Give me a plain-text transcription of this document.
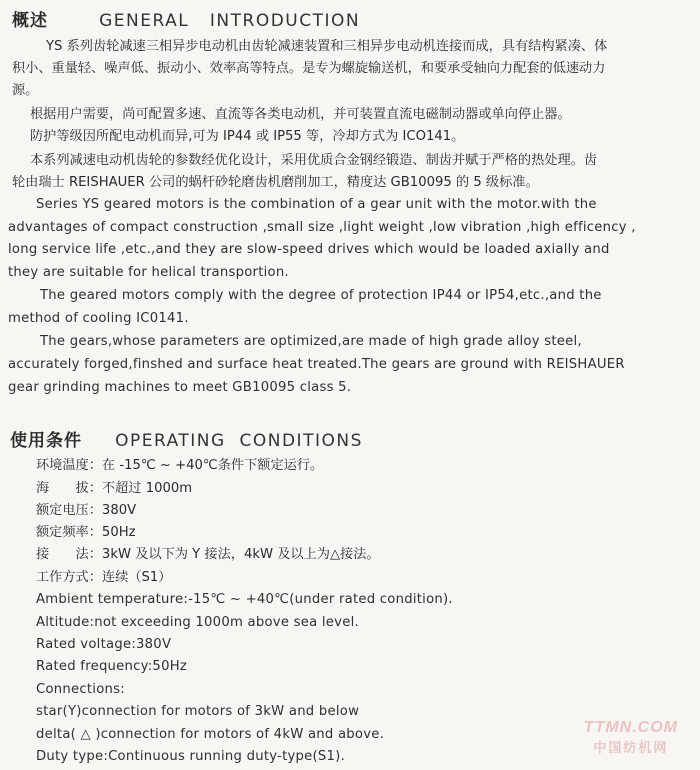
概述	GENERAL   INTRODUCTION
YS 系列齿轮减速三相异步电动机由齿轮减速装置和三相异步电动机连接而成，具有结构紧凑、体
积小、重量轻、噪声低、振动小、效率高等特点。是专为螺旋输送机，和要承受轴向力配套的低速动力
源。
根据用户需要，尚可配置多速、直流等各类电动机，并可装置直流电磁制动器或单向停止器。
防护等级因所配电动机而异,可为 IP44 或 IP55 等，冷却方式为 ICO141。
本系列减速电动机齿轮的参数经优化设计，采用优质合金钢经锻造、制齿并赋于严格的热处理。齿
轮由瑞士 REISHAUER 公司的蜗杆砂轮磨齿机磨削加工，精度达 GB10095 的 5 级标准。
Series YS geared motors is the combination of a gear unit with the motor.with the
advantages of compact construction ,small size ,light weight ,low vibration ,high efficency ,
long service life ,etc.,and they are slow-speed drives which would be loaded axially and
they are suitable for helical transportion.
The geared motors comply with the degree of protection IP44 or IP54,etc.,and the
method of cooling IC0141.
The gears,whose parameters are optimized,are made of high grade alloy steel,
accurately forged,finshed and surface heat treated.The gears are ground with REISHAUER
gear grinding machines to meet GB10095 class 5.
使用条件 OPERATING  CONDITIONS
环境温度：在 -15℃ ~ +40℃条件下额定运行。
海　　拔：不超过 1000m
额定电压：380V
额定频率：50Hz
接　　法：3kW 及以下为 Y 接法，4kW 及以上为△接法。
工作方式：连续（S1）
Ambient temperature:-15℃ ~ +40℃(under rated condition).
Altitude:not exceeding 1000m above sea level.
Rated voltage:380V
Rated frequency:50Hz
Connections:
star(Y)connection for motors of 3kW and below
delta( △ )connection for motors of 4kW and above.
Duty type:Continuous running duty-type(S1).
TTMN.COM
中国纺机网
